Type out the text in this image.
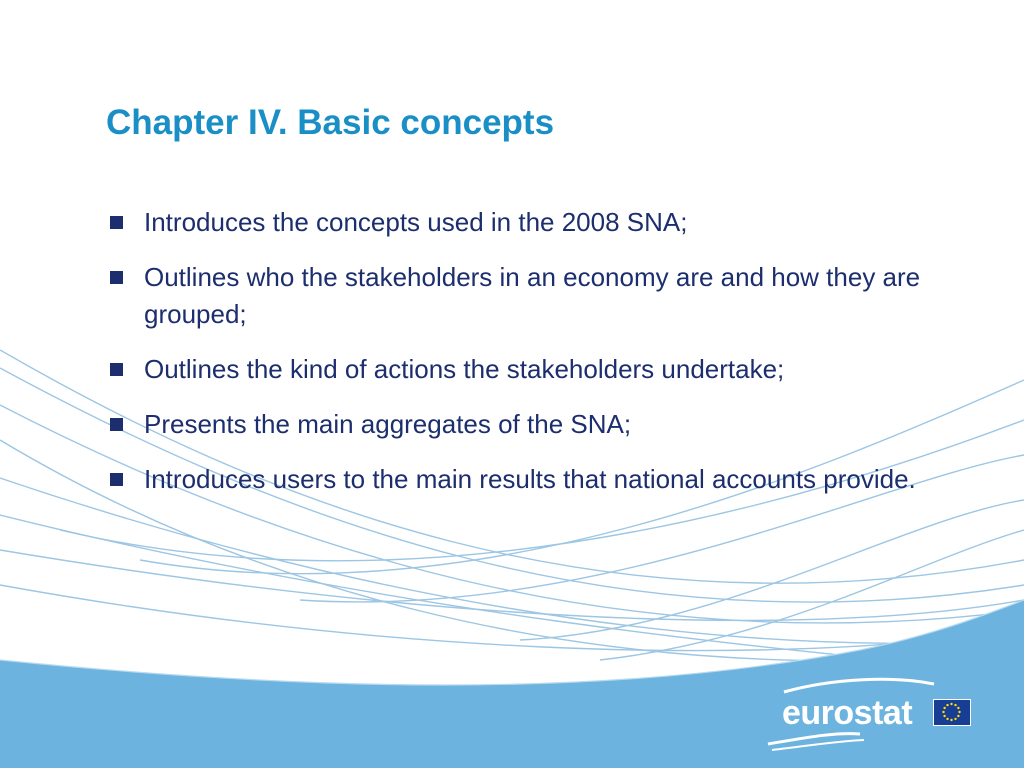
Chapter IV. Basic concepts
Introduces the concepts used in the 2008 SNA;
Outlines who the stakeholders in an economy are and how they are grouped;
Outlines the kind of actions the stakeholders undertake;
Presents the main aggregates of the SNA;
Introduces users to the main results that national accounts provide.
eurostat
